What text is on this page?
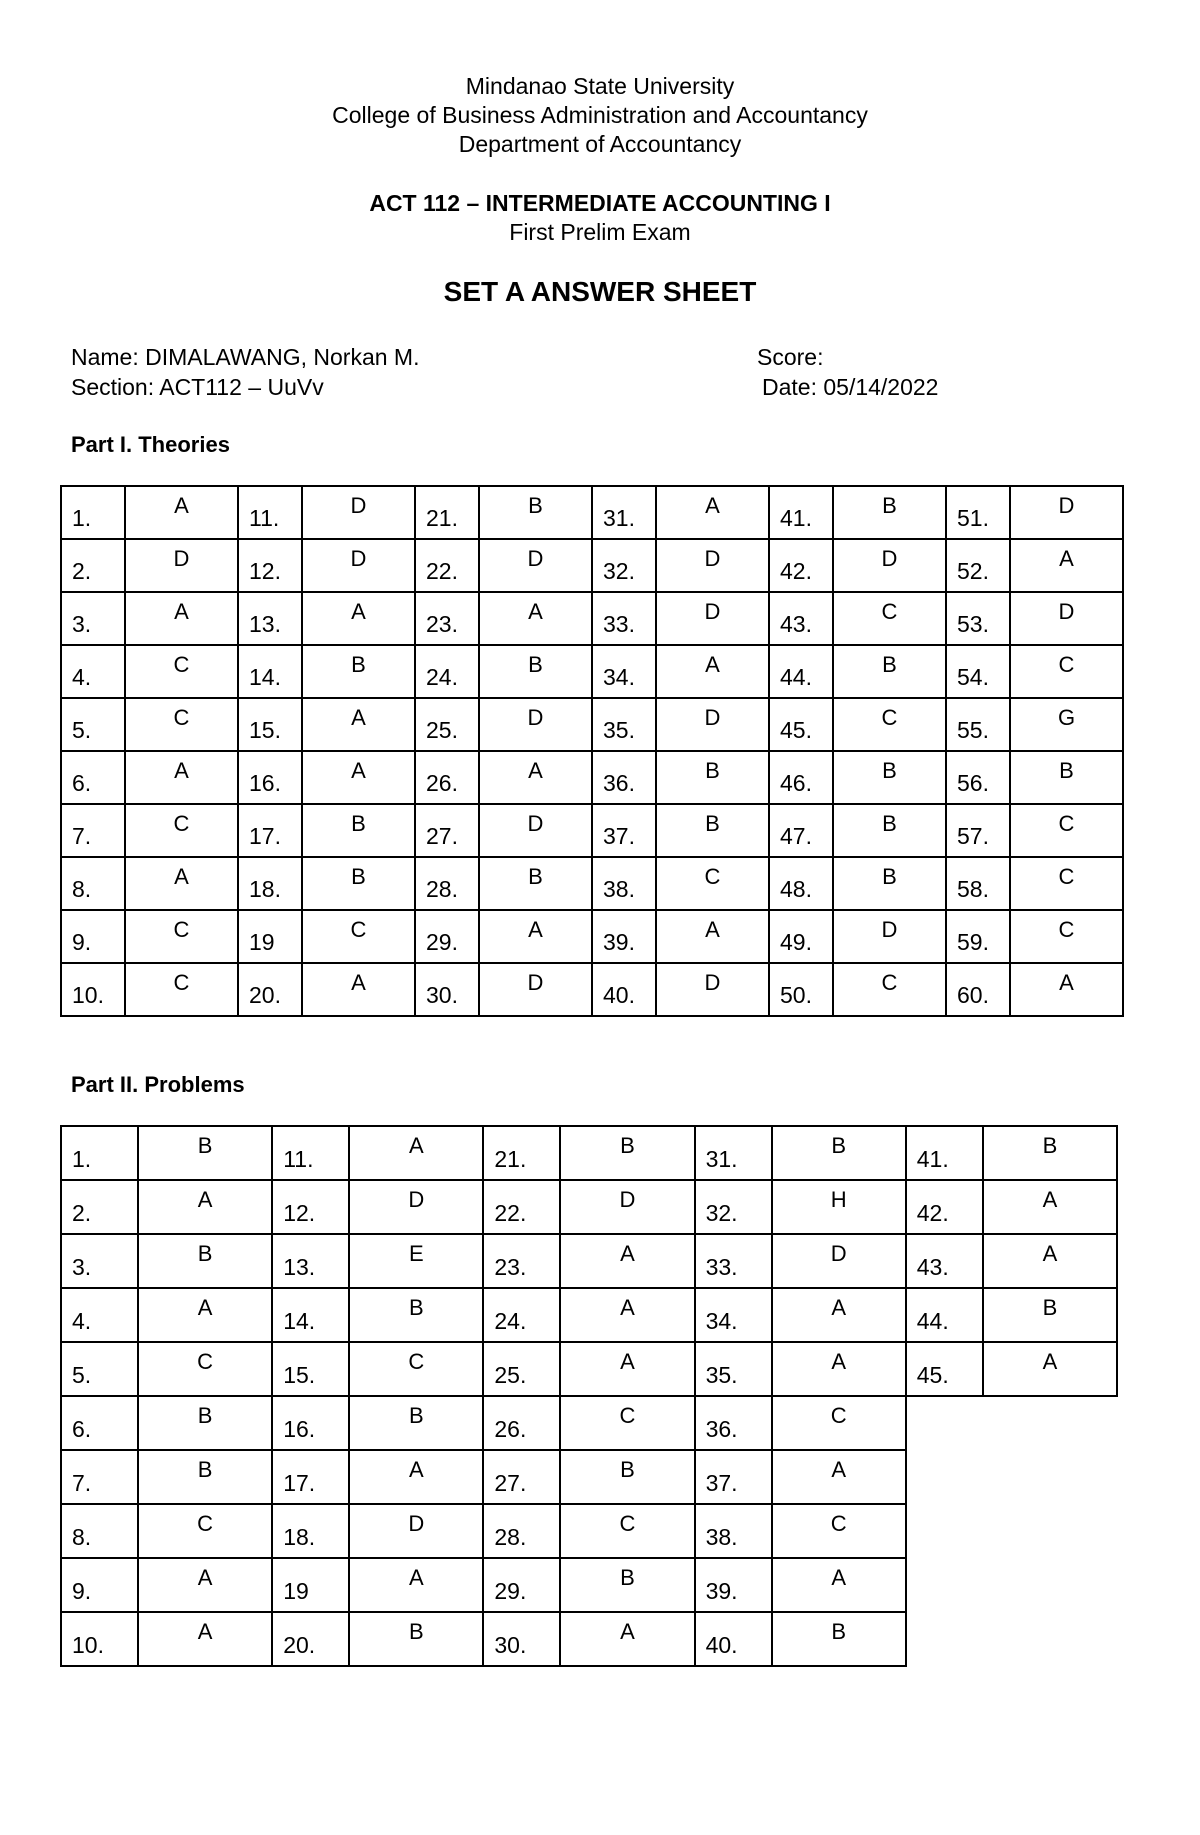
Mindanao State University
College of Business Administration and Accountancy
Department of Accountancy
ACT 112 – INTERMEDIATE ACCOUNTING I
First Prelim Exam
SET A ANSWER SHEET
Name: DIMALAWANG, Norkan M.
Section: ACT112 – UuVv
Score:
Date: 05/14/2022
Part I. Theories
1.	A	11.	D	21.	B	31.	A	41.	B	51.	D
2.	D	12.	D	22.	D	32.	D	42.	D	52.	A
3.	A	13.	A	23.	A	33.	D	43.	C	53.	D
4.	C	14.	B	24.	B	34.	A	44.	B	54.	C
5.	C	15.	A	25.	D	35.	D	45.	C	55.	G
6.	A	16.	A	26.	A	36.	B	46.	B	56.	B
7.	C	17.	B	27.	D	37.	B	47.	B	57.	C
8.	A	18.	B	28.	B	38.	C	48.	B	58.	C
9.	C	19	C	29.	A	39.	A	49.	D	59.	C
10.	C	20.	A	30.	D	40.	D	50.	C	60.	A
Part II. Problems
1.	B	11.	A	21.	B	31.	B	41.	B
2.	A	12.	D	22.	D	32.	H	42.	A
3.	B	13.	E	23.	A	33.	D	43.	A
4.	A	14.	B	24.	A	34.	A	44.	B
5.	C	15.	C	25.	A	35.	A	45.	A
6.	B	16.	B	26.	C	36.	C		
7.	B	17.	A	27.	B	37.	A		
8.	C	18.	D	28.	C	38.	C		
9.	A	19	A	29.	B	39.	A		
10.	A	20.	B	30.	A	40.	B		
